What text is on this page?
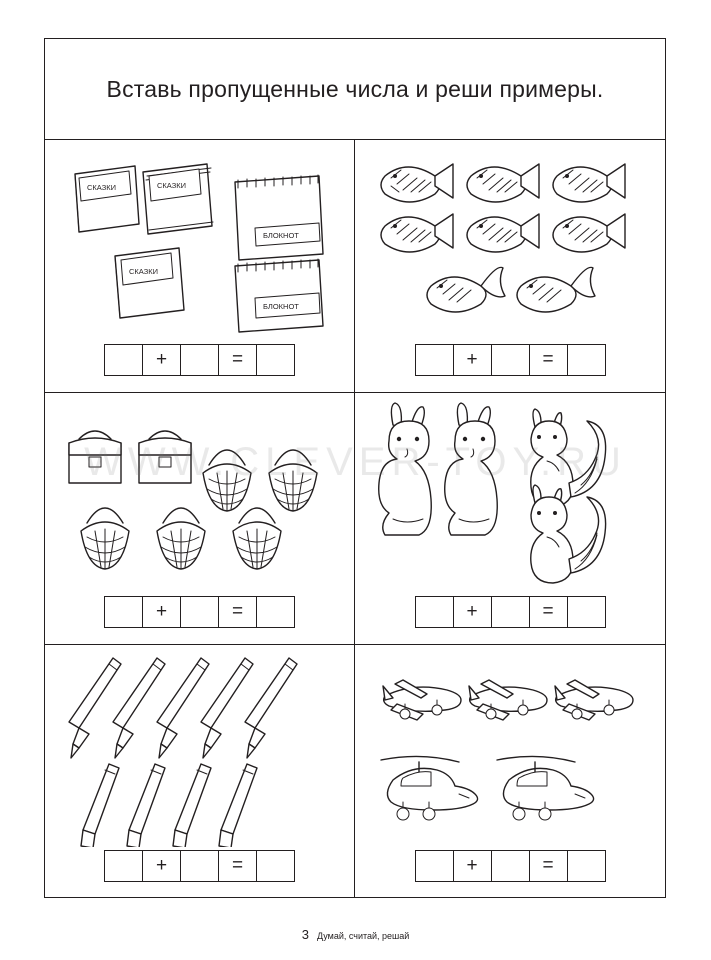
Вставь пропущенные числа и реши примеры.
СКАЗКИ	СКАЗКИ
СКАЗКИ
БЛОКНОТ
БЛОКНОТ
+	=	+	=
+	=	+	=
+	=	+	=
WWW.CLEVER-TOY.RU
3 Думай, считай, решай
